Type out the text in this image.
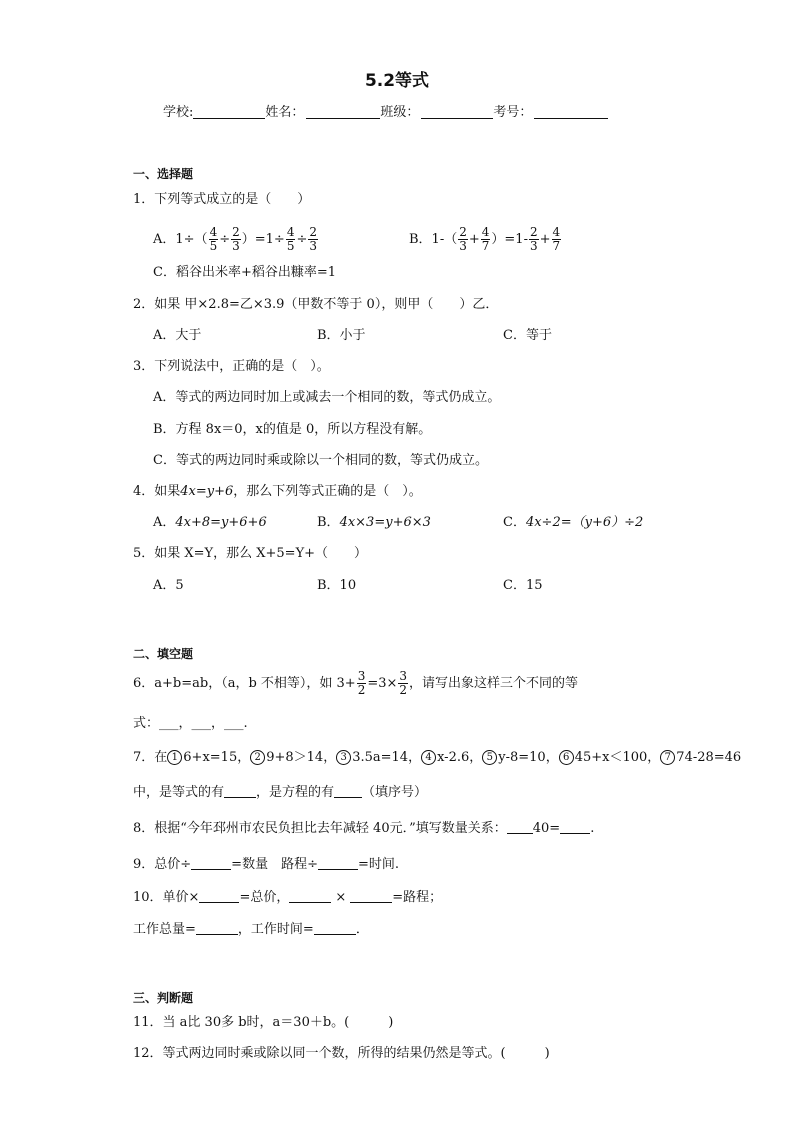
5.2等式
学校:	姓名：	班级：	考号：
一、选择题
1．下列等式成立的是（　　）
A．$1\div( \frac{4}{5} \div \frac{2}{3} )=1\div \frac{4}{5} \div \frac{2}{3}$	B．$1-( \frac{2}{3} + \frac{4}{7} )=1- \frac{2}{3} + \frac{4}{7}$
C．稻谷出米率+稻谷出糠率=1
2．如果 甲×2.8=乙×3.9（甲数不等于 0），则甲（　　）乙．
A．大于	B．小于	C．等于
3．下列说法中，正确的是（　）。
A．等式的两边同时加上或减去一个相同的数，等式仍成立。
B．方程 8x＝0，x的值是 0，所以方程没有解。
C．等式的两边同时乘或除以一个相同的数，等式仍成立。
4．如果4x=y+6，那么下列等式正确的是（　）。
A．4x+8=y+6+6	B．4x×3=y+6×3	C．4x÷2=（y+6）÷2
5．如果 X=Y，那么 X+5=Y+（　　）
A．5	B．10	C．15
二、填空题
6．a+b=ab，（a，b 不相等），如 $3+ \frac{3}{2} =3\times \frac{3}{2}$ ，请写出象这样三个不同的等
式：___，___，___.
7．在 1 6+x=15， 2 9+8＞14， 3 3.5a=14， 4 x-2.6， 5 y-8=10， 6 45+x＜100， 7 74-28=46
中，是等式的有 ，是方程的有 （填序号）
8．根据“今年邳州市农民负担比去年减轻 40元．”填写数量关系： 40= .
9．总价÷	=数量　路程÷	=时间.
10．单价×	=总价，	×	=路程；
工作总量=	，工作时间=	．
三、判断题
11．当 a比 30多 b时，a＝30＋b。(　　　)
12．等式两边同时乘或除以同一个数，所得的结果仍然是等式。(　　　)
